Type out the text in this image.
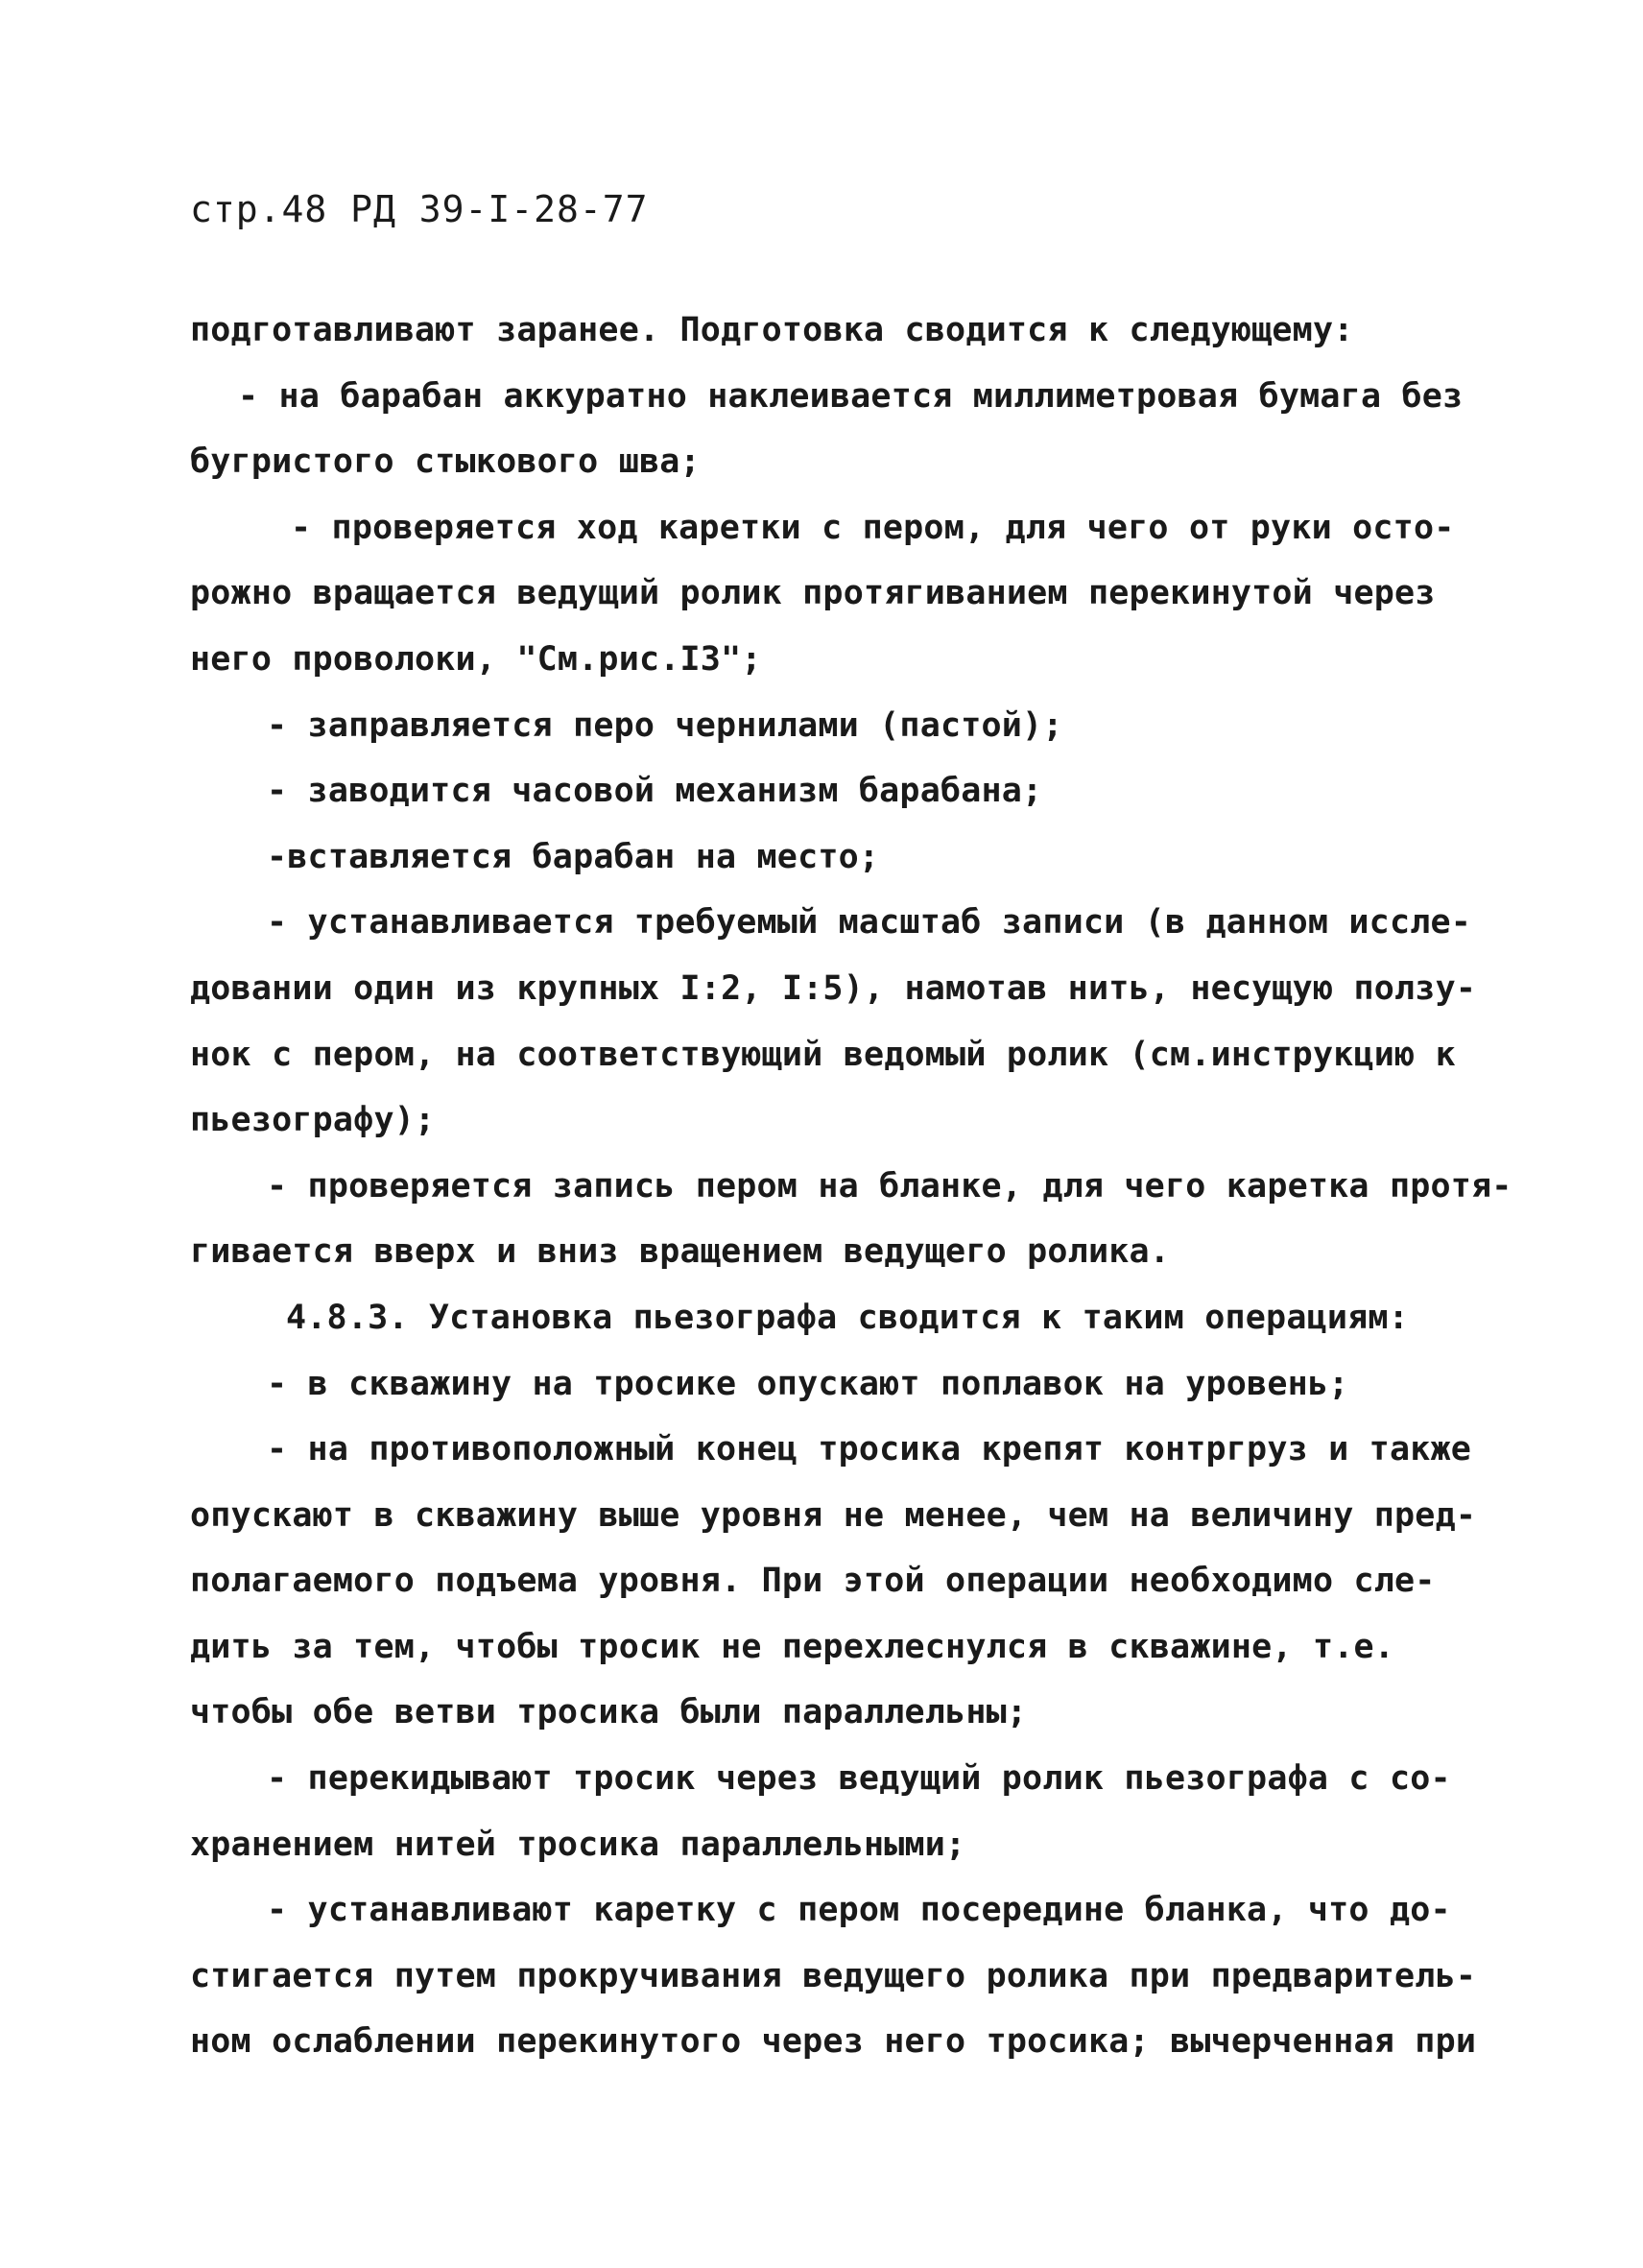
стр.48 РД 39-I-28-77
подготавливают заранее. Подготовка сводится к следующему:
- на барабан аккуратно наклеивается миллиметровая бумага без
бугристого стыкового шва;
- проверяется ход каретки с пером, для чего от руки осто-
рожно вращается ведущий ролик протягиванием перекинутой через
него проволоки, "См.рис.I3";
- заправляется перо чернилами (пастой);
- заводится часовой механизм барабана;
-вставляется барабан на место;
- устанавливается требуемый масштаб записи (в данном иссле-
довании один из крупных I:2, I:5), намотав нить, несущую ползу-
нок с пером, на соответствующий ведомый ролик (см.инструкцию к
пьезографу);
- проверяется запись пером на бланке, для чего каретка протя-
гивается вверх и вниз вращением ведущего ролика.
4.8.3. Установка пьезографа сводится к таким операциям:
- в скважину на тросике опускают поплавок на уровень;
- на противоположный конец тросика крепят контргруз и также
опускают в скважину выше уровня не менее, чем на величину пред-
полагаемого подъема уровня. При этой операции необходимо сле-
дить за тем, чтобы тросик не перехлеснулся в скважине, т.е.
чтобы обе ветви тросика были параллельны;
- перекидывают тросик через ведущий ролик пьезографа с со-
хранением нитей тросика параллельными;
- устанавливают каретку с пером посередине бланка, что до-
стигается путем прокручивания ведущего ролика при предваритель-
ном ослаблении перекинутого через него тросика; вычерченная при
